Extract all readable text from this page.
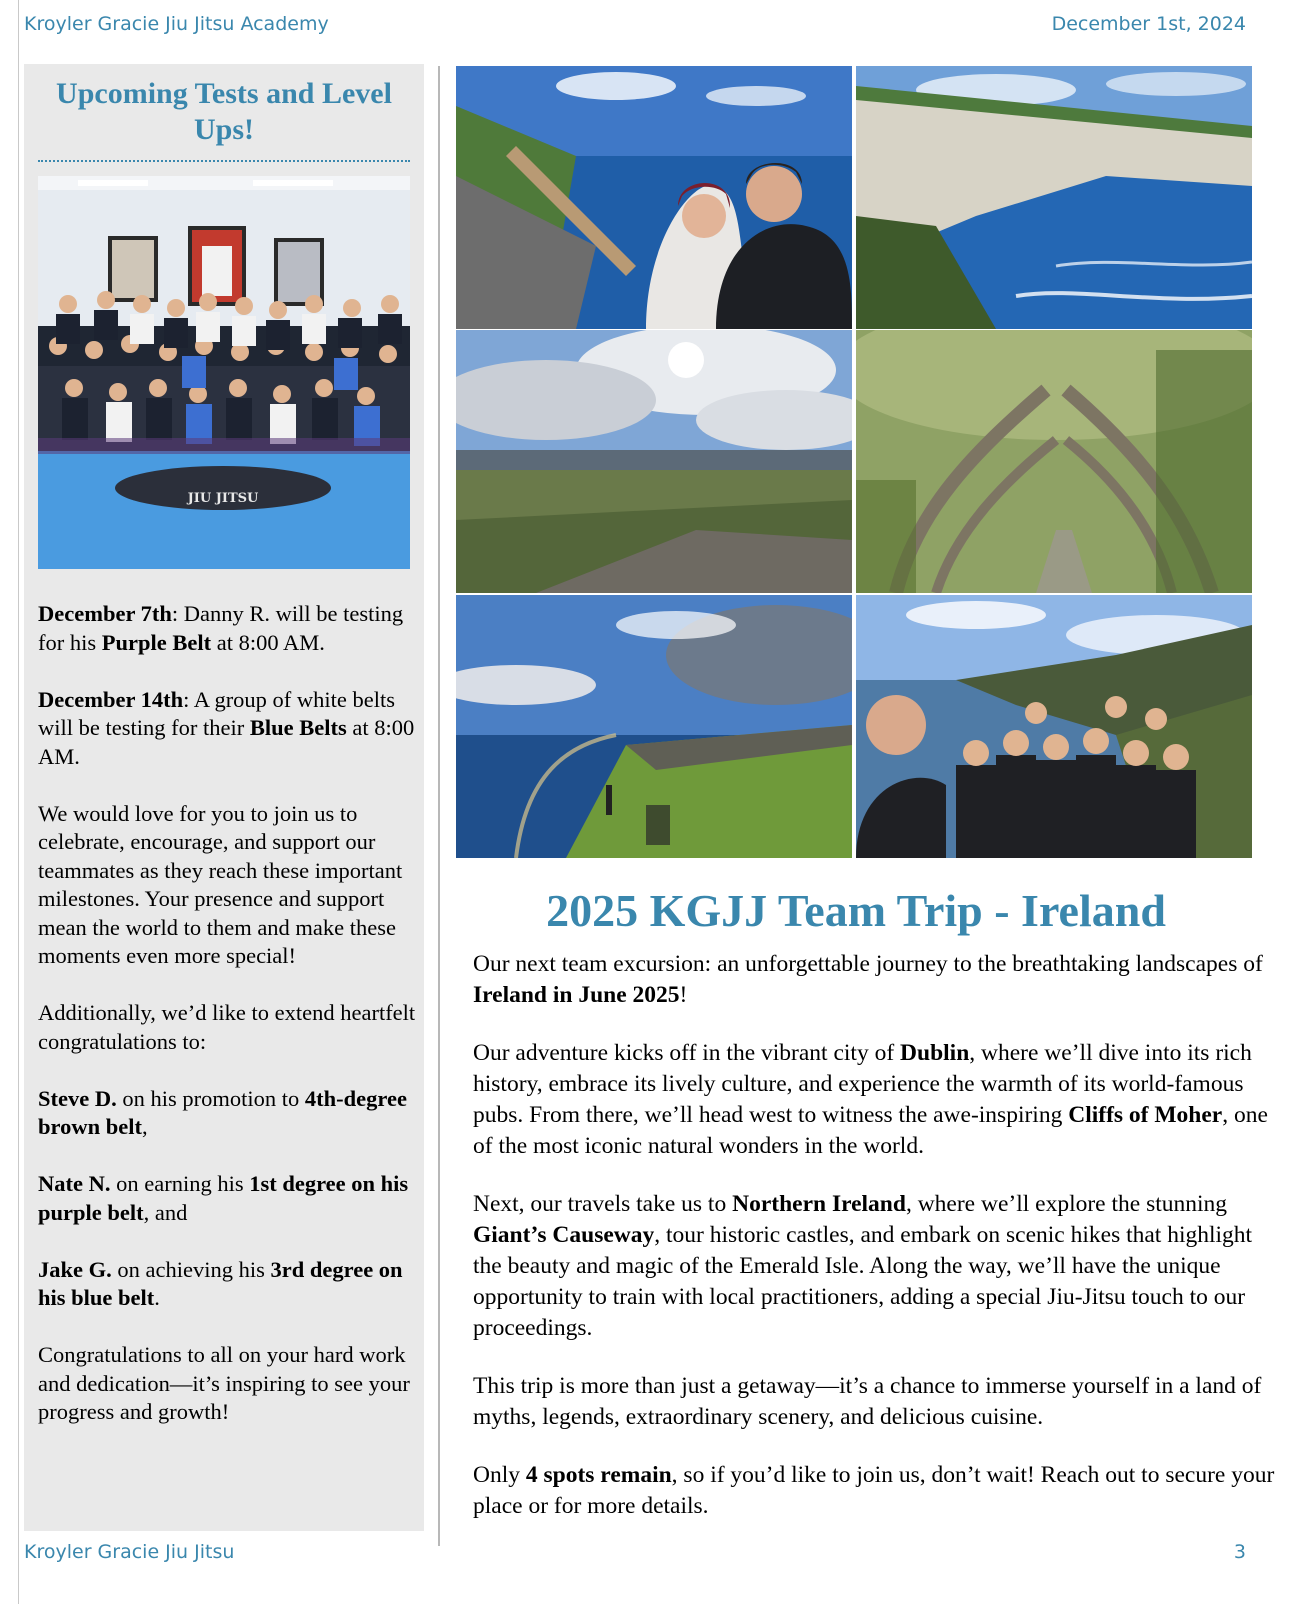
Kroyler Gracie Jiu Jitsu Academy	December 1st, 2024
Upcoming Tests and Level Ups!
JIU JITSU

December 7th: Danny R. will be testing for his Purple Belt at 8:00 AM.

December 14th: A group of white belts will be testing for their Blue Belts at 8:00 AM.

We would love for you to join us to celebrate, encourage, and support our teammates as they reach these important milestones. Your presence and support mean the world to them and make these moments even more special!

Additionally, we’d like to extend heartfelt congratulations to:

Steve D. on his promotion to 4th-degree brown belt,

Nate N. on earning his 1st degree on his purple belt, and

Jake G. on achieving his 3rd degree on his blue belt.

Congratulations to all on your hard work and dedication—it’s inspiring to see your progress and growth!

2025 KGJJ Team Trip - Ireland

Our next team excursion: an unforgettable journey to the breathtaking landscapes of Ireland in June 2025!

Our adventure kicks off in the vibrant city of Dublin, where we’ll dive into its rich history, embrace its lively culture, and experience the warmth of its world-famous pubs. From there, we’ll head west to witness the awe-inspiring Cliffs of Moher, one of the most iconic natural wonders in the world.

Next, our travels take us to Northern Ireland, where we’ll explore the stunning Giant’s Causeway, tour historic castles, and embark on scenic hikes that highlight the beauty and magic of the Emerald Isle. Along the way, we’ll have the unique opportunity to train with local practitioners, adding a special Jiu-Jitsu touch to our proceedings.

This trip is more than just a getaway—it’s a chance to immerse yourself in a land of myths, legends, extraordinary scenery, and delicious cuisine.

Only 4 spots remain, so if you’d like to join us, don’t wait! Reach out to secure your place or for more details.

Kroyler Gracie Jiu Jitsu	3
